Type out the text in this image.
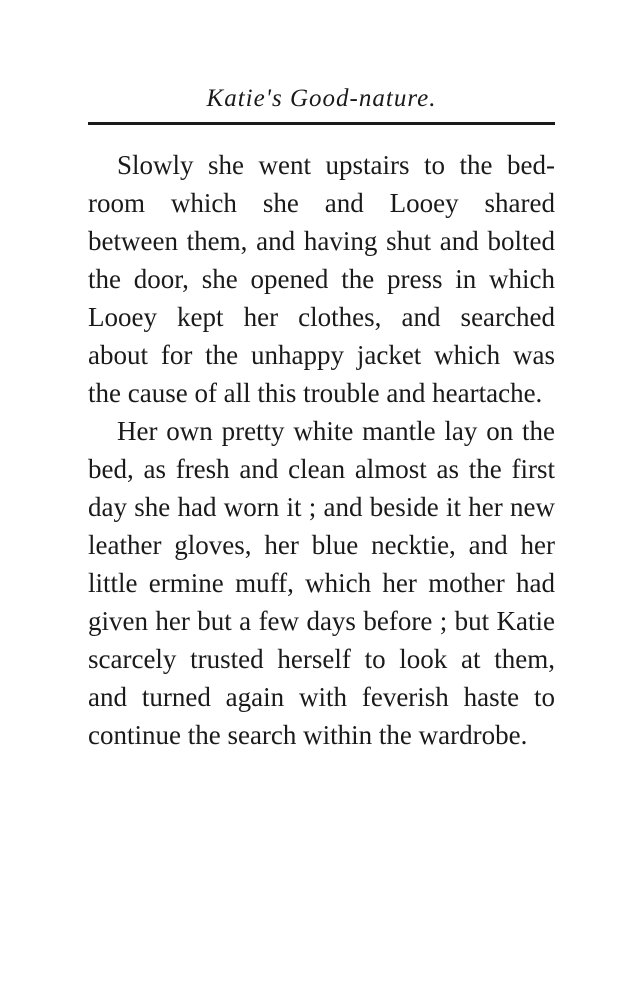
Katie's Good-nature.

Slowly she went upstairs to the bed-room which she and Looey shared between them, and having shut and bolted the door, she opened the press in which Looey kept her clothes, and searched about for the unhappy jacket which was the cause of all this trouble and heartache.

Her own pretty white mantle lay on the bed, as fresh and clean almost as the first day she had worn it ; and beside it her new leather gloves, her blue necktie, and her little ermine muff, which her mother had given her but a few days before ; but Katie scarcely trusted herself to look at them, and turned again with feverish haste to continue the search within the wardrobe.
